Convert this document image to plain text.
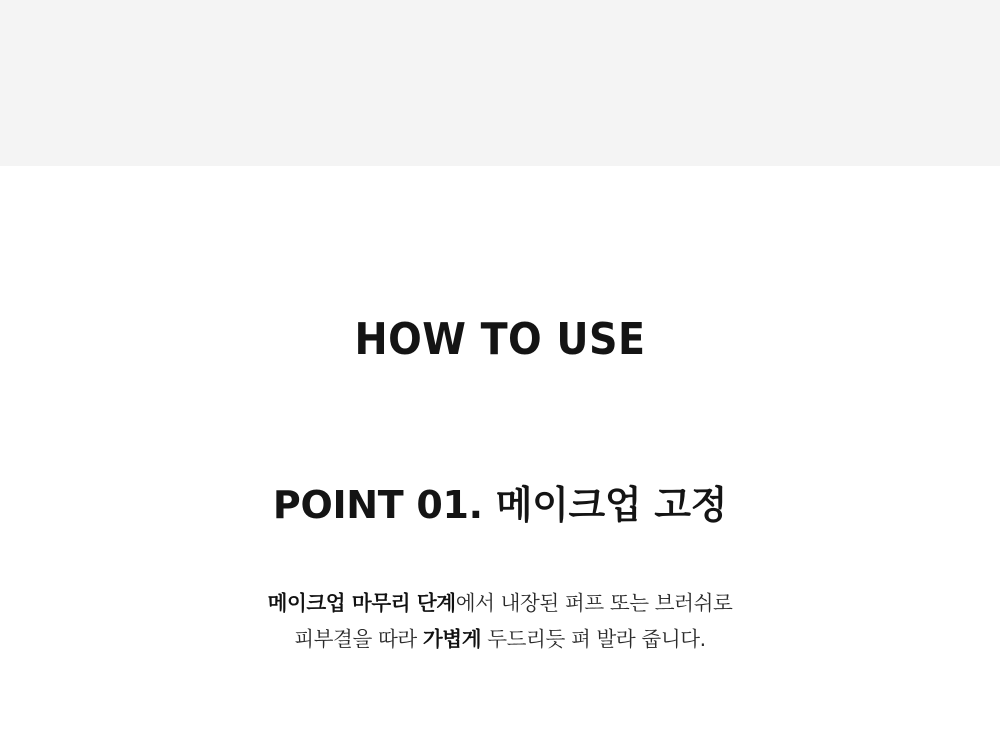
HOW TO USE
POINT 01. 메이크업 고정
메이크업 마무리 단계에서 내장된 퍼프 또는 브러쉬로
피부결을 따라 가볍게 두드리듯 펴 발라 줍니다.
